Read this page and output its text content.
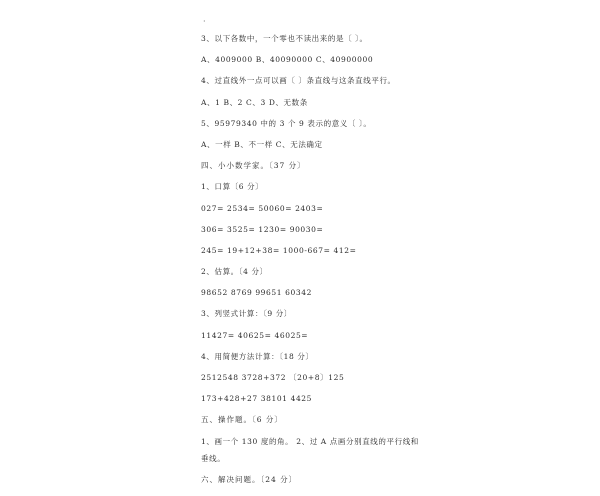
·
3、以下各数中，一个零也不读出来的是〔 〕。
A、4009000 B、40090000 C、40900000
4、过直线外一点可以画〔 〕条直线与这条直线平行。
A、1 B、2 C、3 D、无数条
5、95979340 中的 3 个 9 表示的意义〔 〕。
A、一样 B、不一样 C、无法确定
四、小小数学家。〔37 分〕
1、口算〔6 分〕
027= 2534= 50060= 2403=
306= 3525= 1230= 90030=
245= 19+12+38= 1000-667= 412=
2、估算。〔4 分〕
98652 8769 99651 60342
3、列竖式计算：〔9 分〕
11427= 40625= 46025=
4、用简便方法计算：〔18 分〕
2512548 3728+372 〔20+8〕125
173+428+27 38101 4425
五、操作题。〔6 分〕
1、画一个 130 度的角。 2、过 A 点画分别直线的平行线和
垂线。
六、解决问题。〔24 分〕
